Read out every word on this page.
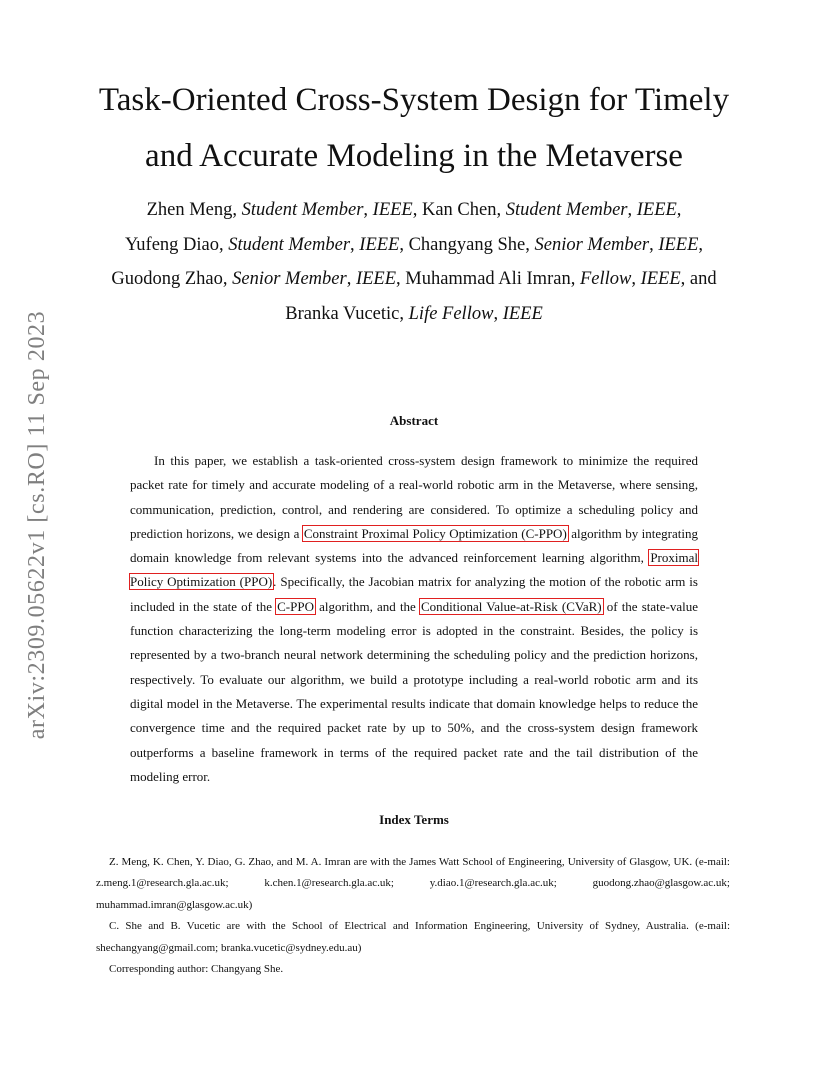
arXiv:2309.05622v1 [cs.RO] 11 Sep 2023
Task-Oriented Cross-System Design for Timely
and Accurate Modeling in the Metaverse
Zhen Meng, Student Member, IEEE, Kan Chen, Student Member, IEEE,
Yufeng Diao, Student Member, IEEE, Changyang She, Senior Member, IEEE,
Guodong Zhao, Senior Member, IEEE, Muhammad Ali Imran, Fellow, IEEE, and
Branka Vucetic, Life Fellow, IEEE
Abstract

In this paper, we establish a task-oriented cross-system design framework to minimize the required packet rate for timely and accurate modeling of a real-world robotic arm in the Metaverse, where sensing, communication, prediction, control, and rendering are considered. To optimize a scheduling policy and prediction horizons, we design a Constraint Proximal Policy Optimization (C-PPO) algorithm by integrating domain knowledge from relevant systems into the advanced reinforcement learning algorithm, Proximal Policy Optimization (PPO). Specifically, the Jacobian matrix for analyzing the motion of the robotic arm is included in the state of the C-PPO algorithm, and the Conditional Value-at-Risk (CVaR) of the state-value function characterizing the long-term modeling error is adopted in the constraint. Besides, the policy is represented by a two-branch neural network determining the scheduling policy and the prediction horizons, respectively. To evaluate our algorithm, we build a prototype including a real-world robotic arm and its digital model in the Metaverse. The experimental results indicate that domain knowledge helps to reduce the convergence time and the required packet rate by up to 50%, and the cross-system design framework outperforms a baseline framework in terms of the required packet rate and the tail distribution of the modeling error.

Index Terms

Z. Meng, K. Chen, Y. Diao, G. Zhao, and M. A. Imran are with the James Watt School of Engineering, University of Glasgow, UK. (e-mail: z.meng.1@research.gla.ac.uk; k.chen.1@research.gla.ac.uk; y.diao.1@research.gla.ac.uk; guodong.zhao@glasgow.ac.uk; muhammad.imran@glasgow.ac.uk)

C. She and B. Vucetic are with the School of Electrical and Information Engineering, University of Sydney, Australia. (e-mail: shechangyang@gmail.com; branka.vucetic@sydney.edu.au)

Corresponding author: Changyang She.
